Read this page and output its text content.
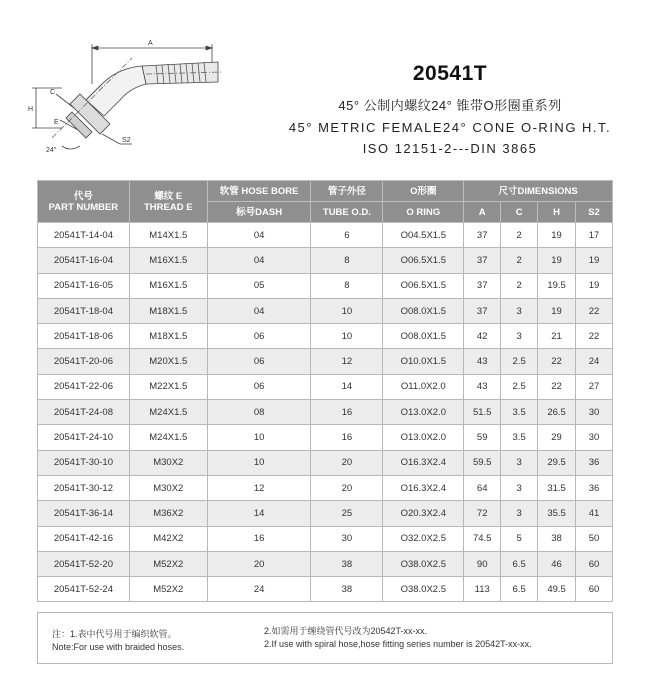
A
H
C
E
S2
24°
20541T
45° 公制内螺纹24° 锥带O形圈重系列
45° METRIC FEMALE24° CONE O-RING H.T.
ISO 12151-2---DIN 3865
代号
PART NUMBER	螺纹 E
THREAD E	软管 HOSE BORE	管子外径	O形圈	尺寸DIMENSIONS			
		标号DASH	TUBE O.D.	O RING	A	C	H	S2
20541T-14-04	M14X1.5	04	6	O04.5X1.5	37	2	19	17
20541T-16-04	M16X1.5	04	8	O06.5X1.5	37	2	19	19
20541T-16-05	M16X1.5	05	8	O06.5X1.5	37	2	19.5	19
20541T-18-04	M18X1.5	04	10	O08.0X1.5	37	3	19	22
20541T-18-06	M18X1.5	06	10	O08.0X1.5	42	3	21	22
20541T-20-06	M20X1.5	06	12	O10.0X1.5	43	2.5	22	24
20541T-22-06	M22X1.5	06	14	O11.0X2.0	43	2.5	22	27
20541T-24-08	M24X1.5	08	16	O13.0X2.0	51.5	3.5	26.5	30
20541T-24-10	M24X1.5	10	16	O13.0X2.0	59	3.5	29	30
20541T-30-10	M30X2	10	20	O16.3X2.4	59.5	3	29.5	36
20541T-30-12	M30X2	12	20	O16.3X2.4	64	3	31.5	36
20541T-36-14	M36X2	14	25	O20.3X2.4	72	3	35.5	41
20541T-42-16	M42X2	16	30	O32.0X2.5	74.5	5	38	50
20541T-52-20	M52X2	20	38	O38.0X2.5	90	6.5	46	60
20541T-52-24	M52X2	24	38	O38.0X2.5	113	6.5	49.5	60
注：1.表中代号用于编织软管。
Note:For use with braided hoses.
2.如需用于缠绕管代号改为20542T-xx-xx.
2.If use with spiral hose,hose fitting series number is 20542T-xx-xx.
